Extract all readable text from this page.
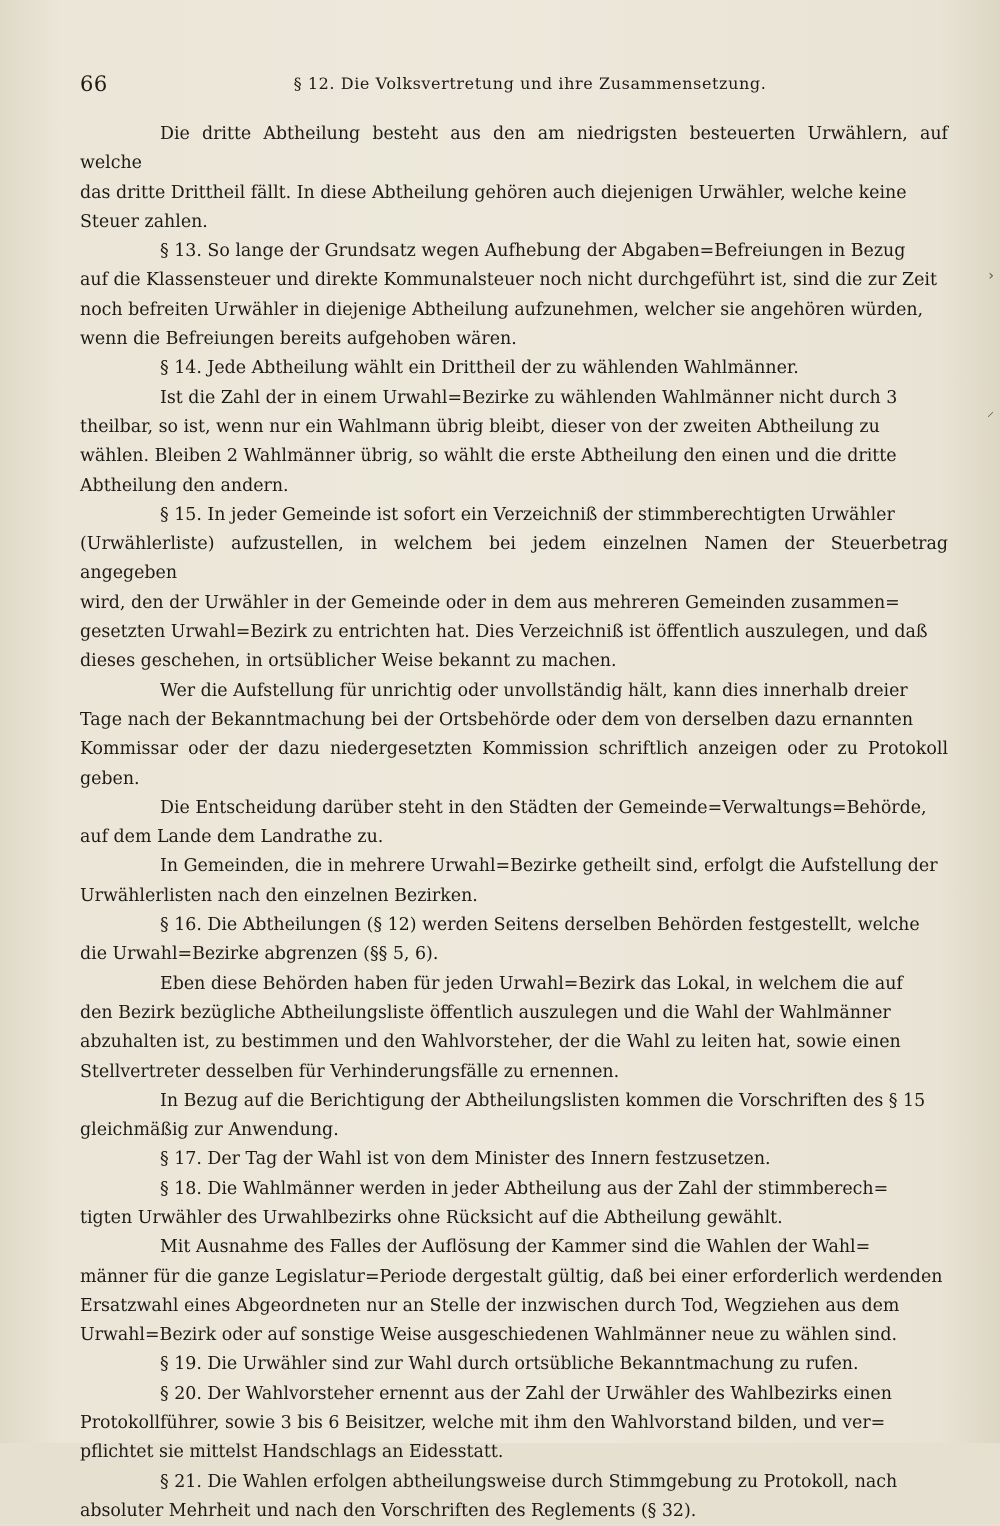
66	§ 12. Die Volksvertretung und ihre Zusammensetzung.

Die dritte Abtheilung besteht aus den am niedrigsten besteuerten Urwählern, auf welche
das dritte Drittheil fällt. In diese Abtheilung gehören auch diejenigen Urwähler, welche keine
Steuer zahlen.

§ 13. So lange der Grundsatz wegen Aufhebung der Abgaben=Befreiungen in Bezug
auf die Klassensteuer und direkte Kommunalsteuer noch nicht durchgeführt ist, sind die zur Zeit
noch befreiten Urwähler in diejenige Abtheilung aufzunehmen, welcher sie angehören würden,
wenn die Befreiungen bereits aufgehoben wären.

§ 14. Jede Abtheilung wählt ein Drittheil der zu wählenden Wahlmänner.

Ist die Zahl der in einem Urwahl=Bezirke zu wählenden Wahlmänner nicht durch 3
theilbar, so ist, wenn nur ein Wahlmann übrig bleibt, dieser von der zweiten Abtheilung zu
wählen. Bleiben 2 Wahlmänner übrig, so wählt die erste Abtheilung den einen und die dritte
Abtheilung den andern.

§ 15. In jeder Gemeinde ist sofort ein Verzeichniß der stimmberechtigten Urwähler
(Urwählerliste) aufzustellen, in welchem bei jedem einzelnen Namen der Steuerbetrag angegeben
wird, den der Urwähler in der Gemeinde oder in dem aus mehreren Gemeinden zusammen=
gesetzten Urwahl=Bezirk zu entrichten hat. Dies Verzeichniß ist öffentlich auszulegen, und daß
dieses geschehen, in ortsüblicher Weise bekannt zu machen.

Wer die Aufstellung für unrichtig oder unvollständig hält, kann dies innerhalb dreier
Tage nach der Bekanntmachung bei der Ortsbehörde oder dem von derselben dazu ernannten
Kommissar oder der dazu niedergesetzten Kommission schriftlich anzeigen oder zu Protokoll geben.

Die Entscheidung darüber steht in den Städten der Gemeinde=Verwaltungs=Behörde,
auf dem Lande dem Landrathe zu.

In Gemeinden, die in mehrere Urwahl=Bezirke getheilt sind, erfolgt die Aufstellung der
Urwählerlisten nach den einzelnen Bezirken.

§ 16. Die Abtheilungen (§ 12) werden Seitens derselben Behörden festgestellt, welche
die Urwahl=Bezirke abgrenzen (§§ 5, 6).

Eben diese Behörden haben für jeden Urwahl=Bezirk das Lokal, in welchem die auf
den Bezirk bezügliche Abtheilungsliste öffentlich auszulegen und die Wahl der Wahlmänner
abzuhalten ist, zu bestimmen und den Wahlvorsteher, der die Wahl zu leiten hat, sowie einen
Stellvertreter desselben für Verhinderungsfälle zu ernennen.

In Bezug auf die Berichtigung der Abtheilungslisten kommen die Vorschriften des § 15
gleichmäßig zur Anwendung.

§ 17. Der Tag der Wahl ist von dem Minister des Innern festzusetzen.

§ 18. Die Wahlmänner werden in jeder Abtheilung aus der Zahl der stimmberech=
tigten Urwähler des Urwahlbezirks ohne Rücksicht auf die Abtheilung gewählt.

Mit Ausnahme des Falles der Auflösung der Kammer sind die Wahlen der Wahl=
männer für die ganze Legislatur=Periode dergestalt gültig, daß bei einer erforderlich werdenden
Ersatzwahl eines Abgeordneten nur an Stelle der inzwischen durch Tod, Wegziehen aus dem
Urwahl=Bezirk oder auf sonstige Weise ausgeschiedenen Wahlmänner neue zu wählen sind.

§ 19. Die Urwähler sind zur Wahl durch ortsübliche Bekanntmachung zu rufen.

§ 20. Der Wahlvorsteher ernennt aus der Zahl der Urwähler des Wahlbezirks einen
Protokollführer, sowie 3 bis 6 Beisitzer, welche mit ihm den Wahlvorstand bilden, und ver=
pflichtet sie mittelst Handschlags an Eidesstatt.

§ 21. Die Wahlen erfolgen abtheilungsweise durch Stimmgebung zu Protokoll, nach
absoluter Mehrheit und nach den Vorschriften des Reglements (§ 32).

›
⸝
